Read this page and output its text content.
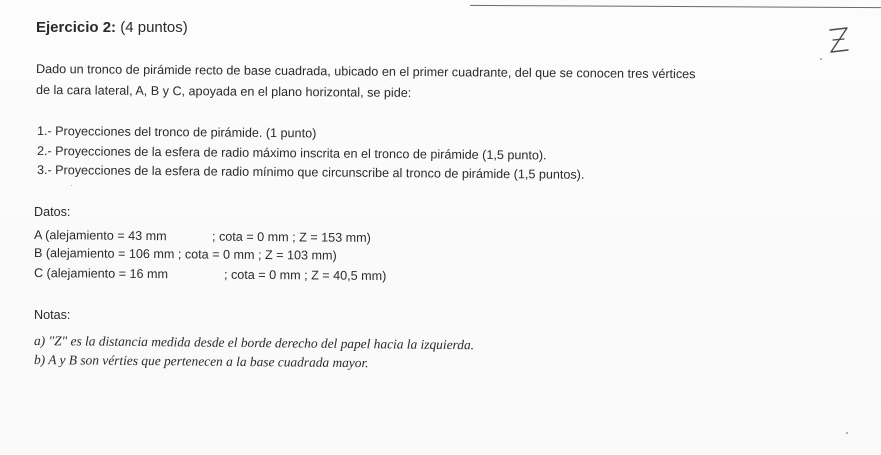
Ejercicio 2: (4 puntos)
Dado un tronco de pirámide recto de base cuadrada, ubicado en el primer cuadrante, del que se conocen tres vértices
de la cara lateral, A, B y C, apoyada en el plano horizontal, se pide:
1.- Proyecciones del tronco de pirámide. (1 punto)
2.- Proyecciones de la esfera de radio máximo inscrita en el tronco de pirámide (1,5 punto).
3.- Proyecciones de la esfera de radio mínimo que circunscribe al tronco de pirámide (1,5 puntos).
Datos:
A (alejamiento = 43 mm	; cota = 0 mm ; Z = 153 mm)
B (alejamiento = 106 mm ; cota = 0 mm ; Z = 103 mm)
C (alejamiento = 16 mm	; cota = 0 mm ; Z = 40,5 mm)
Notas:
a) "Z" es la distancia medida desde el borde derecho del papel hacia la izquierda.
b) A y B son vérties que pertenecen a la base cuadrada mayor.
